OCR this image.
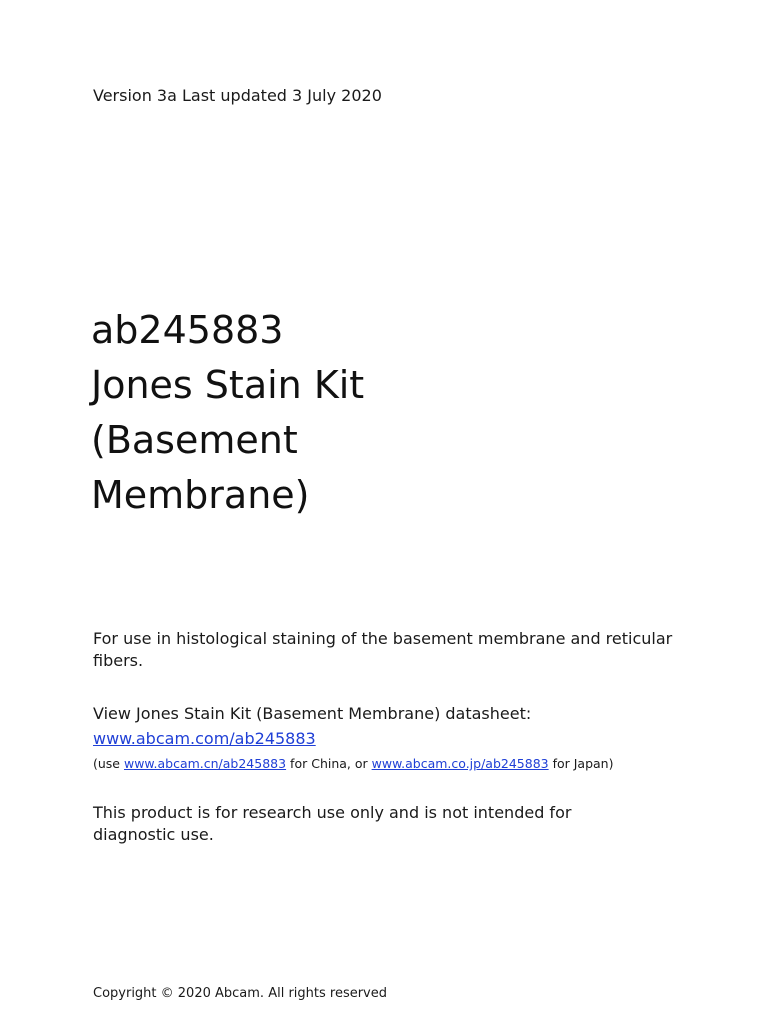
Version 3a Last updated 3 July 2020
ab245883
Jones Stain Kit
(Basement
Membrane)

For use in histological staining of the basement membrane and reticular fibers.

View Jones Stain Kit (Basement Membrane) datasheet:
www.abcam.com/ab245883
(use www.abcam.cn/ab245883 for China, or www.abcam.co.jp/ab245883 for Japan)

This product is for research use only and is not intended for diagnostic use.

Copyright © 2020 Abcam. All rights reserved
